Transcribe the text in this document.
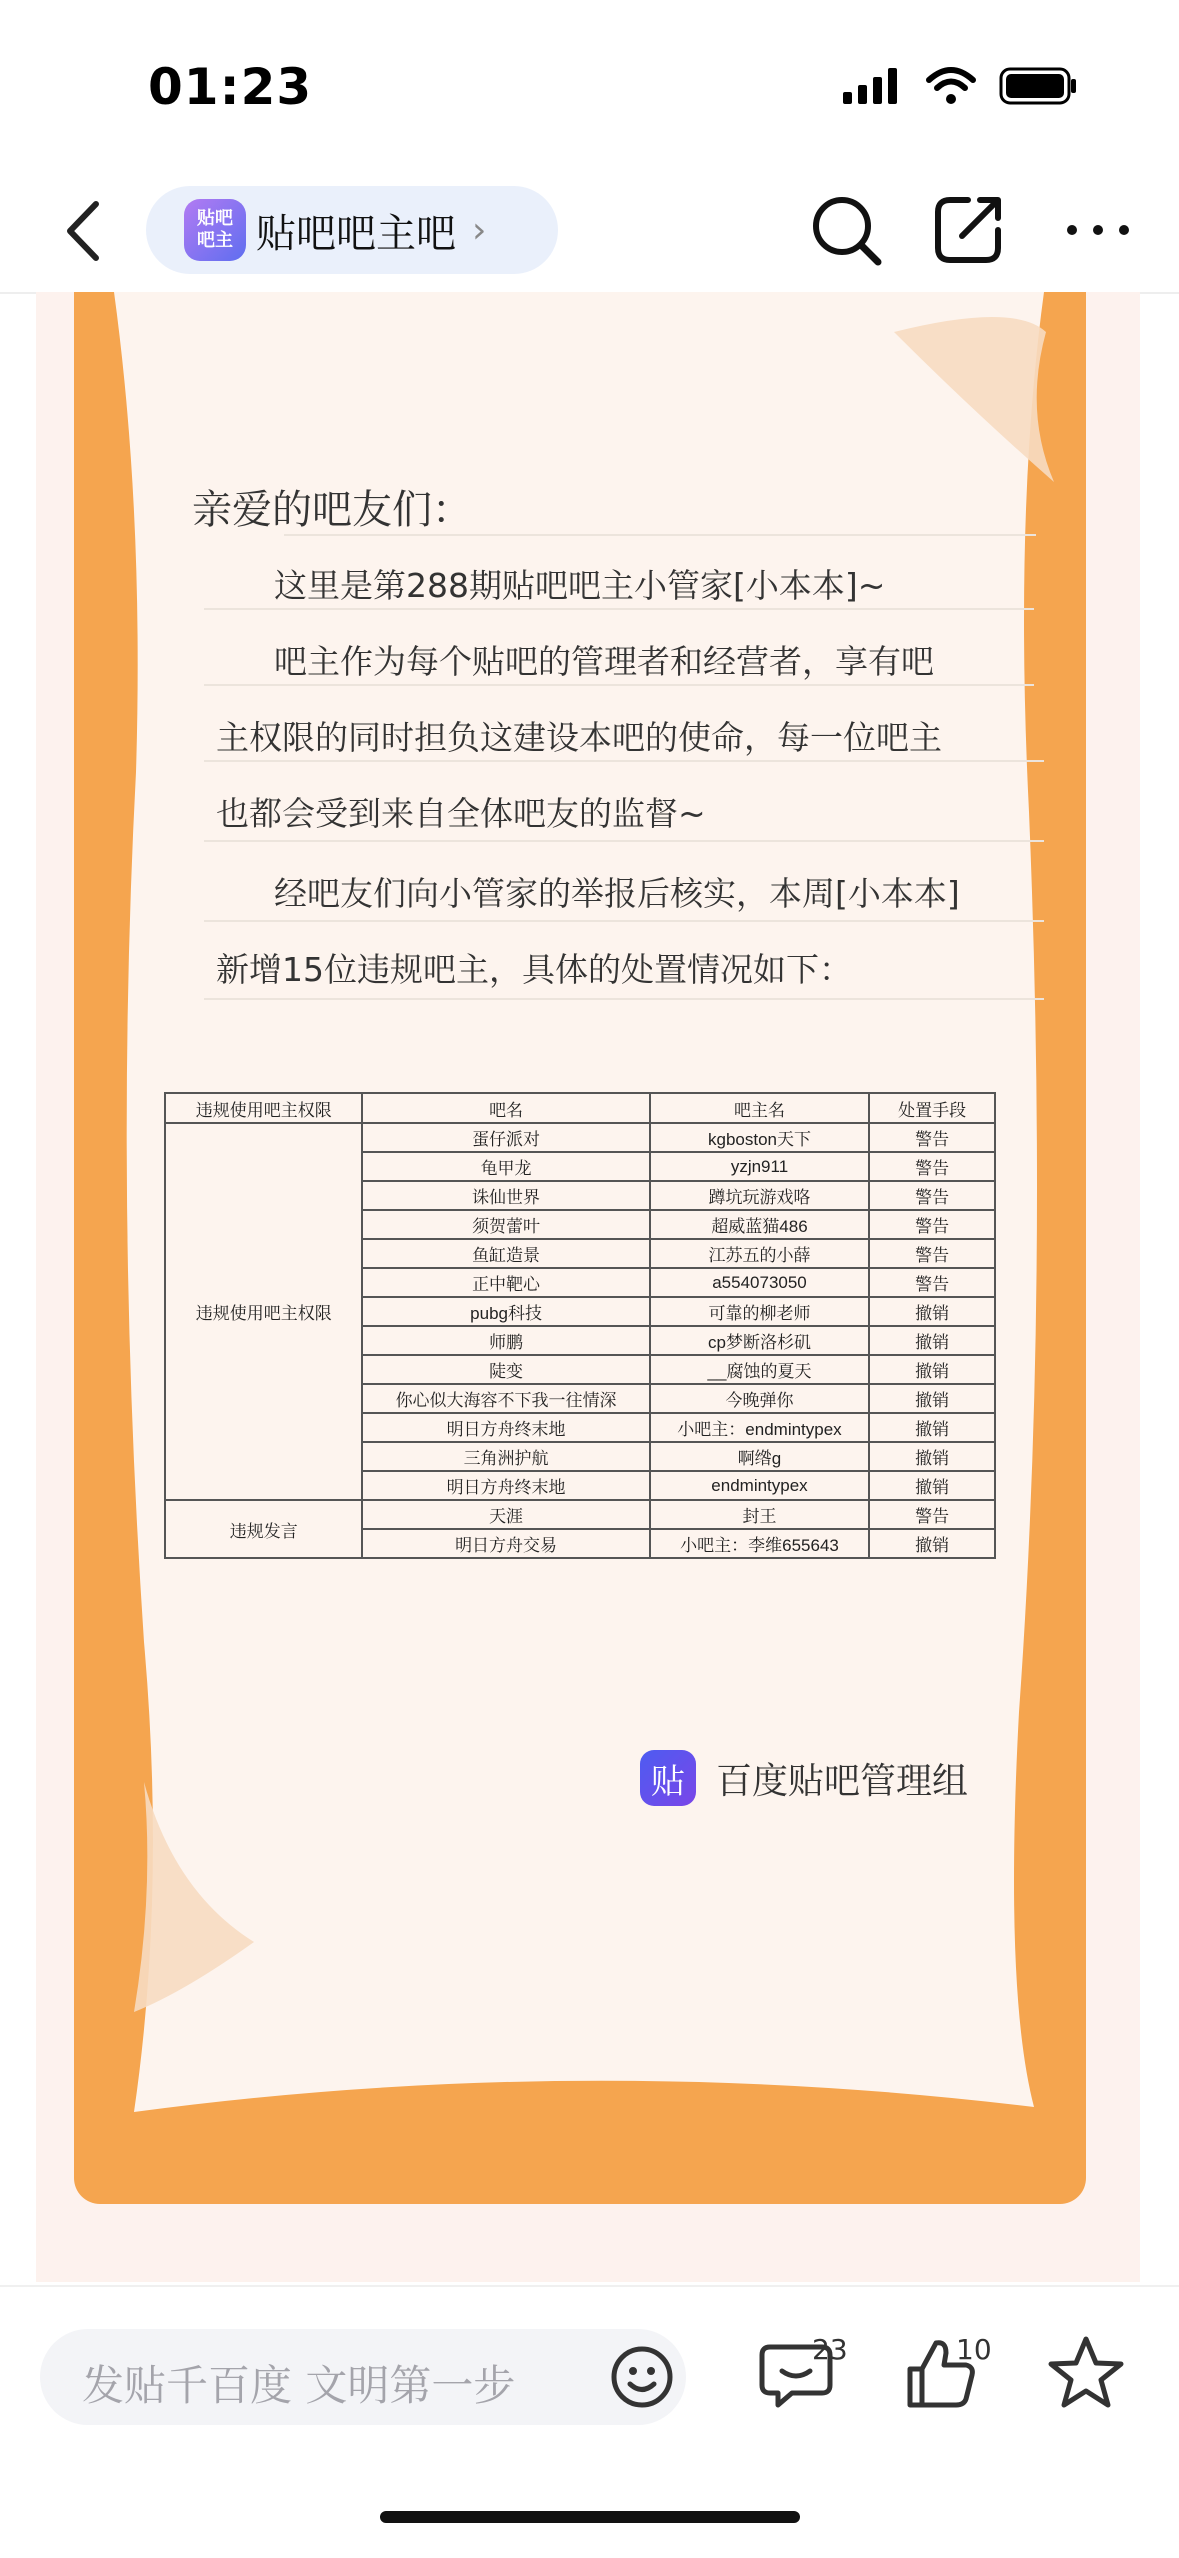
01:23
贴吧吧主 贴吧吧主吧 ›
亲爱的吧友们：
这里是第288期贴吧吧主小管家[小本本]~
吧主作为每个贴吧的管理者和经营者，享有吧
主权限的同时担负这建设本吧的使命，每一位吧主
也都会受到来自全体吧友的监督~
经吧友们向小管家的举报后核实，本周[小本本]
新增15位违规吧主，具体的处置情况如下：
违规使用吧主权限	吧名	吧主名	处置手段
违规使用吧主权限	蛋仔派对	kgboston天下	警告
	龟甲龙	yzjn911	警告
	诛仙世界	蹲坑玩游戏咯	警告
	须贺蕾叶	超威蓝猫486	警告
	鱼缸造景	江苏五的小薛	警告
	正中靶心	a554073050	警告
	pubg科技	可靠的柳老师	撤销
	师鹏	cp梦断洛杉矶	撤销
	陡变	__腐蚀的夏天	撤销
	你心似大海容不下我一往情深	今晚弹你	撤销
	明日方舟终末地	小吧主：endmintypex	撤销
	三角洲护航	啊绺g	撤销
	明日方舟终末地	endmintypex	撤销
违规发言	天涯	封王	警告
	明日方舟交易	小吧主：李维655643	撤销
贴 百度贴吧管理组
发贴千百度 文明第一步
23	10
